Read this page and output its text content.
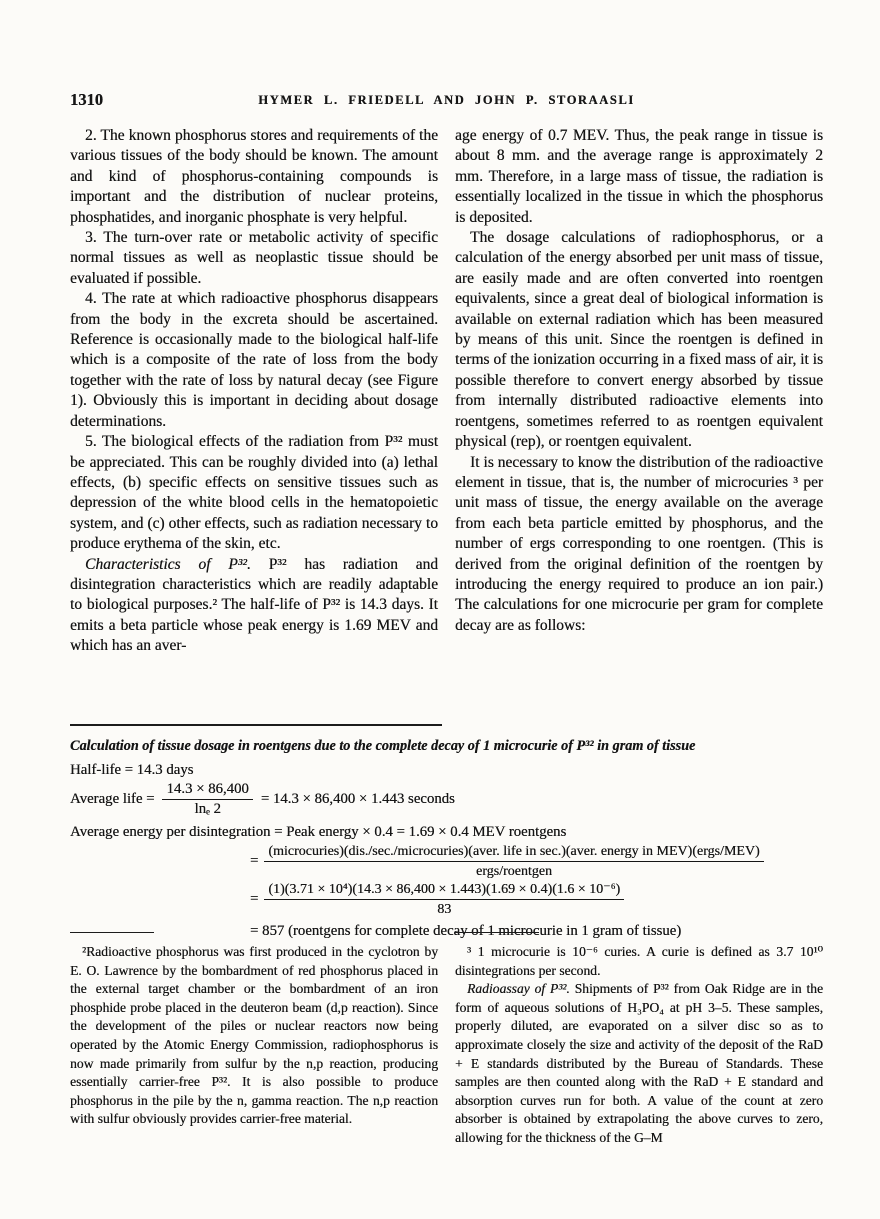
1310	HYMER L. FRIEDELL AND JOHN P. STORAASLI

2. The known phosphorus stores and requirements of the various tissues of the body should be known. The amount and kind of phosphorus-containing compounds is important and the distribution of nuclear proteins, phosphatides, and inorganic phosphate is very helpful.

3. The turn-over rate or metabolic activity of specific normal tissues as well as neoplastic tissue should be evaluated if possible.

4. The rate at which radioactive phosphorus disappears from the body in the excreta should be ascertained. Reference is occasionally made to the biological half-life which is a composite of the rate of loss from the body together with the rate of loss by natural decay (see Figure 1). Obviously this is important in deciding about dosage determinations.

5. The biological effects of the radiation from P³² must be appreciated. This can be roughly divided into (a) lethal effects, (b) specific effects on sensitive tissues such as depression of the white blood cells in the hematopoietic system, and (c) other effects, such as radiation necessary to produce erythema of the skin, etc.

Characteristics of P³². P³² has radiation and disintegration characteristics which are readily adaptable to biological purposes.² The half-life of P³² is 14.3 days. It emits a beta particle whose peak energy is 1.69 MEV and which has an aver-

age energy of 0.7 MEV. Thus, the peak range in tissue is about 8 mm. and the average range is approximately 2 mm. Therefore, in a large mass of tissue, the radiation is essentially localized in the tissue in which the phosphorus is deposited.

The dosage calculations of radiophosphorus, or a calculation of the energy absorbed per unit mass of tissue, are easily made and are often converted into roentgen equivalents, since a great deal of biological information is available on external radiation which has been measured by means of this unit. Since the roentgen is defined in terms of the ionization occurring in a fixed mass of air, it is possible therefore to convert energy absorbed by tissue from internally distributed radioactive elements into roentgens, sometimes referred to as roentgen equivalent physical (rep), or roentgen equivalent.

It is necessary to know the distribution of the radioactive element in tissue, that is, the number of microcuries ³ per unit mass of tissue, the energy available on the average from each beta particle emitted by phosphorus, and the number of ergs corresponding to one roentgen. (This is derived from the original definition of the roentgen by introducing the energy required to produce an ion pair.) The calculations for one microcurie per gram for complete decay are as follows:

Calculation of tissue dosage in roentgens due to the complete decay of 1 microcurie of P³² in gram of tissue
Half-life = 14.3 days
Average life = $\frac{14.3 \times 86,400}{\text{lnₑ 2}} = 14.3 \times 86,400 \times 1.443$ seconds
Average energy per disintegration = Peak energy × 0.4 = 1.69 × 0.4 MEV roentgens
=
(microcuries)(dis./sec./microcuries)(aver. life in sec.)(aver. energy in MEV)(ergs/MEV)
ergs/roentgen
=
(1)(3.71 × 10⁴)(14.3 × 86,400 × 1.443)(1.69 × 0.4)(1.6 × 10⁻⁶)
83
= 857 (roentgens for complete decay of 1 microcurie in 1 gram of tissue)

²Radioactive phosphorus was first produced in the cyclotron by E. O. Lawrence by the bombardment of red phosphorus placed in the external target chamber or the bombardment of an iron phosphide probe placed in the deuteron beam (d,p reaction). Since the development of the piles or nuclear reactors now being operated by the Atomic Energy Commission, radiophosphorus is now made primarily from sulfur by the n,p reaction, producing essentially carrier-free P³². It is also possible to produce phosphorus in the pile by the n, gamma reaction. The n,p reaction with sulfur obviously provides carrier-free material.

³ 1 microcurie is 10⁻⁶ curies. A curie is defined as 3.7 10¹⁰ disintegrations per second.

Radioassay of P³². Shipments of P³² from Oak Ridge are in the form of aqueous solutions of H₃PO₄ at pH 3–5. These samples, properly diluted, are evaporated on a silver disc so as to approximate closely the size and activity of the deposit of the RaD + E standards distributed by the Bureau of Standards. These samples are then counted along with the RaD + E standard and absorption curves run for both. A value of the count at zero absorber is obtained by extrapolating the above curves to zero, allowing for the thickness of the G–M
